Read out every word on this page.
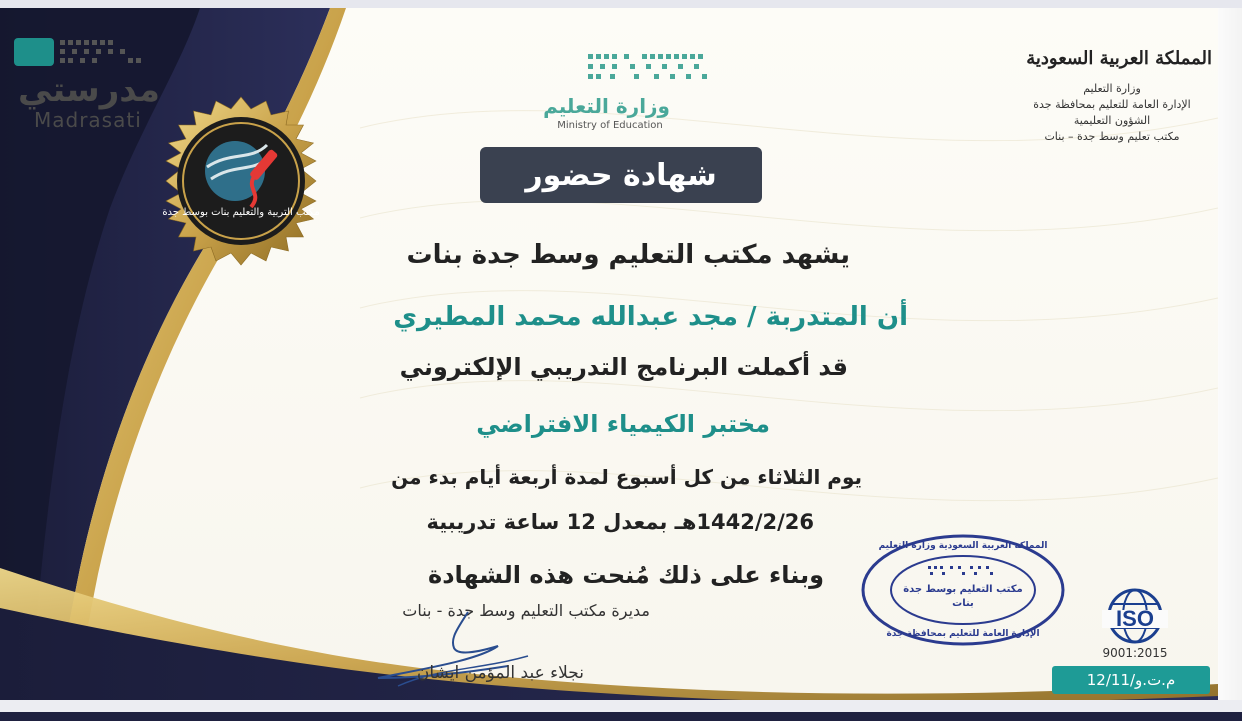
مدرستي
Madrasati
مكتب التربية والتعليم بنات بوسط جدة
وزارة التعليم
Ministry of Education
المملكة العربية السعودية
وزارة التعليم
الإدارة العامة للتعليم بمحافظة جدة
الشؤون التعليمية
مكتب تعليم وسط جدة – بنات
شهادة حضور
يشهد مكتب التعليم وسط جدة بنات
أن المتدربة / مجد عبدالله محمد المطيري
قد أكملت البرنامج التدريبي الإلكتروني
مختبر الكيمياء الافتراضي
يوم الثلاثاء من كل أسبوع لمدة أربعة أيام بدء من
1442/2/26هـ بمعدل 12 ساعة تدريبية
وبناء على ذلك مُنحت هذه الشهادة
مديرة مكتب التعليم وسط جدة - بنات
نجلاء عبد المؤمن ايشان
المملكة العربية السعودية وزارة التعليم
مكتب التعليم بوسط جدة
بنات
الإدارة العامة للتعليم بمحافظة جدة
ISO
9001:2015
م.ت.و/12/11
